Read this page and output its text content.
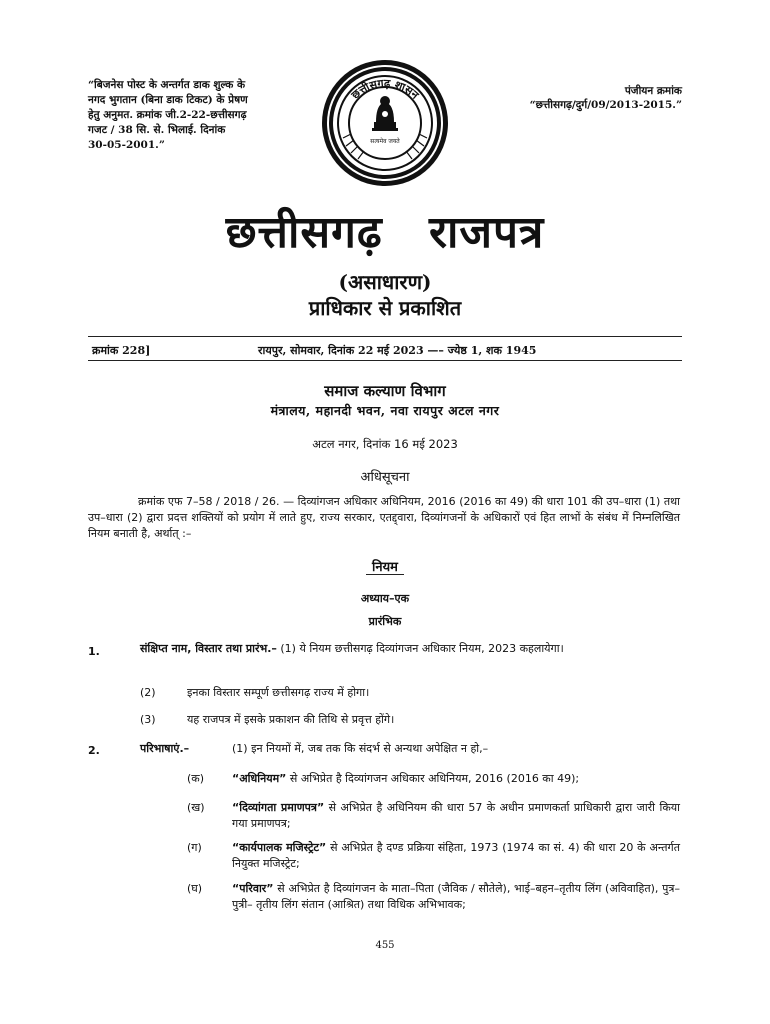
“बिजनेस पोस्ट के अन्तर्गत डाक शुल्क के
नगद भुगतान (बिना डाक टिकट) के प्रेषण
हेतु अनुमत. क्रमांक जी.2-22-छत्तीसगढ़
गजट / 38 सि. से. भिलाई. दिनांक
30-05-2001.”
छत्तीसगढ़ शासन
सत्यमेव जयते
पंजीयन क्रमांक
“छत्तीसगढ़/दुर्ग/09/2013-2015.”
छत्तीसगढ़ राजपत्र
(असाधारण)
प्राधिकार से प्रकाशित
क्रमांक 228]	रायपुर, सोमवार, दिनांक 22 मई 2023 —– ज्येष्ठ 1, शक 1945
समाज कल्याण विभाग
मंत्रालय, महानदी भवन, नवा रायपुर अटल नगर
अटल नगर, दिनांक 16 मई 2023
अधिसूचना
क्रमांक एफ 7–58 / 2018 / 26. — दिव्यांगजन अधिकार अधिनियम, 2016 (2016 का 49) की धारा 101 की उप–धारा (1) तथा उप–धारा (2) द्वारा प्रदत्त शक्तियों को प्रयोग में लाते हुए, राज्य सरकार, एतद्द्वारा, दिव्यांगजनों के अधिकारों एवं हित लाभों के संबंध में निम्नलिखित नियम बनाती है, अर्थात् :–
नियम
अध्याय–एक
प्रारंभिक
1.	संक्षिप्त नाम, विस्तार तथा प्रारंभ.– (1) ये नियम छत्तीसगढ़ दिव्यांगजन अधिकार नियम, 2023 कहलायेगा।
(2)	इनका विस्तार सम्पूर्ण छत्तीसगढ़ राज्य में होगा।
(3)	यह राजपत्र में इसके प्रकाशन की तिथि से प्रवृत्त होंगे।
2.	परिभाषाएं.–	(1) इन नियमों में, जब तक कि संदर्भ से अन्यथा अपेक्षित न हो,–
(क)	“अधिनियम” से अभिप्रेत है दिव्यांगजन अधिकार अधिनियम, 2016 (2016 का 49);
(ख) “दिव्यांगता प्रमाणपत्र” से अभिप्रेत है अधिनियम की धारा 57 के अधीन प्रमाणकर्ता प्राधिकारी द्वारा जारी किया गया प्रमाणपत्र;
(ग)	“कार्यपालक मजिस्ट्रेट” से अभिप्रेत है दण्ड प्रक्रिया संहिता, 1973 (1974 का सं. 4) की धारा 20 के अन्तर्गत नियुक्त मजिस्ट्रेट;
(घ)	“परिवार” से अभिप्रेत है दिव्यांगजन के माता–पिता (जैविक / सौतेले), भाई–बहन–तृतीय लिंग (अविवाहित), पुत्र–पुत्री– तृतीय लिंग संतान (आश्रित) तथा विधिक अभिभावक;
455
